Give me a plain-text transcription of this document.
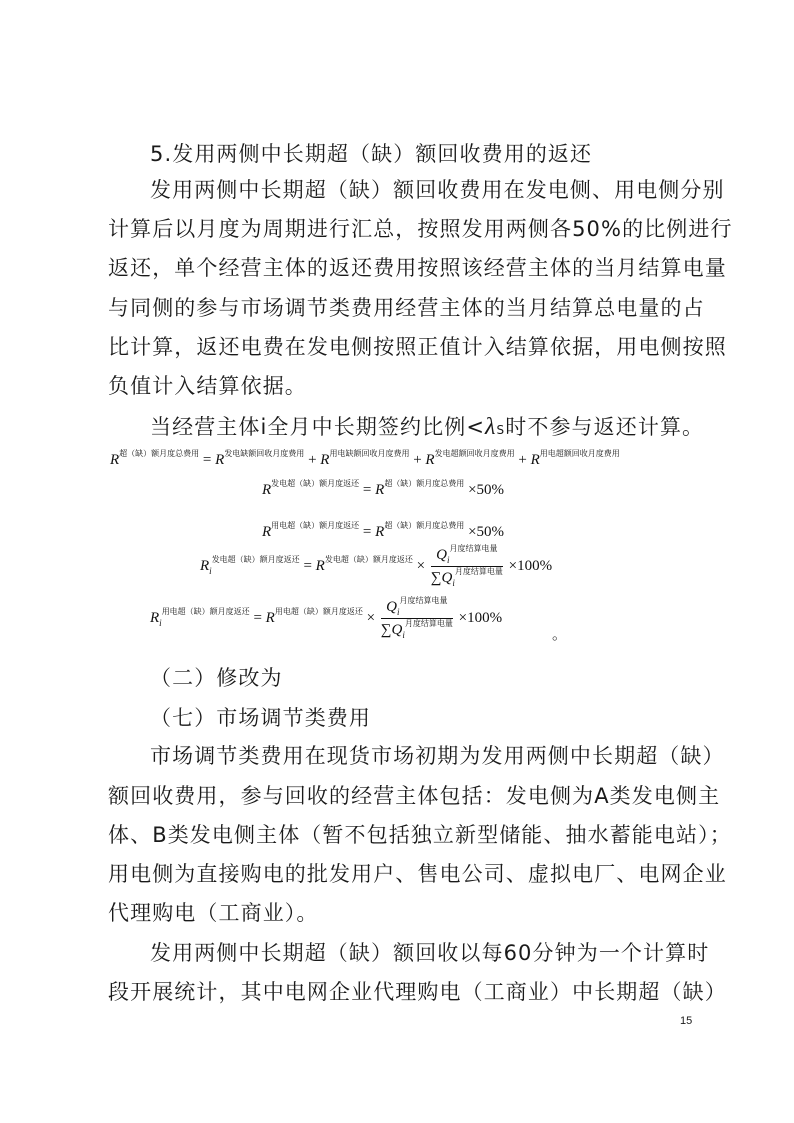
5.发用两侧中长期超（缺）额回收费用的返还

发用两侧中长期超（缺）额回收费用在发电侧、用电侧分别

计算后以月度为周期进行汇总，按照发用两侧各50%的比例进行

返还，单个经营主体的返还费用按照该经营主体的当月结算电量

与同侧的参与市场调节类费用经营主体的当月结算总电量的占

比计算，返还电费在发电侧按照正值计入结算依据，用电侧按照

负值计入结算依据。

当经营主体i全月中长期签约比例<λS时不参与返还计算。

$R^{超(缺)额月度总费用} = R^{发电缺额回收月度费用} + R^{用电缺额回收月度费用} + R^{发电超额回收月度费用} + R^{用电超额回收月度费用}$
$R^{发电超(缺)额月度返还} = R^{超(缺)额月度总费用} \times 50\%$
$R^{用电超(缺)额月度返还} = R^{超(缺)额月度总费用} \times 50\%$
$R_i^{发电超(缺)额月度返还} = R^{发电超(缺)额月度返还} \times \frac{Q_i^{月度结算电量}}{\sum Q_i^{月度结算电量}} \times 100\%$
$R_i^{用电超(缺)额月度返还} = R^{用电超(缺)额月度返还} \times \frac{Q_i^{月度结算电量}}{\sum Q_i^{月度结算电量}} \times 100\%$
。

（二）修改为

（七）市场调节类费用

市场调节类费用在现货市场初期为发用两侧中长期超（缺）

额回收费用，参与回收的经营主体包括：发电侧为A类发电侧主

体、B类发电侧主体（暂不包括独立新型储能、抽水蓄能电站）；

用电侧为直接购电的批发用户、售电公司、虚拟电厂、电网企业

代理购电（工商业）。

发用两侧中长期超（缺）额回收以每60分钟为一个计算时

段开展统计，其中电网企业代理购电（工商业）中长期超（缺）

15
